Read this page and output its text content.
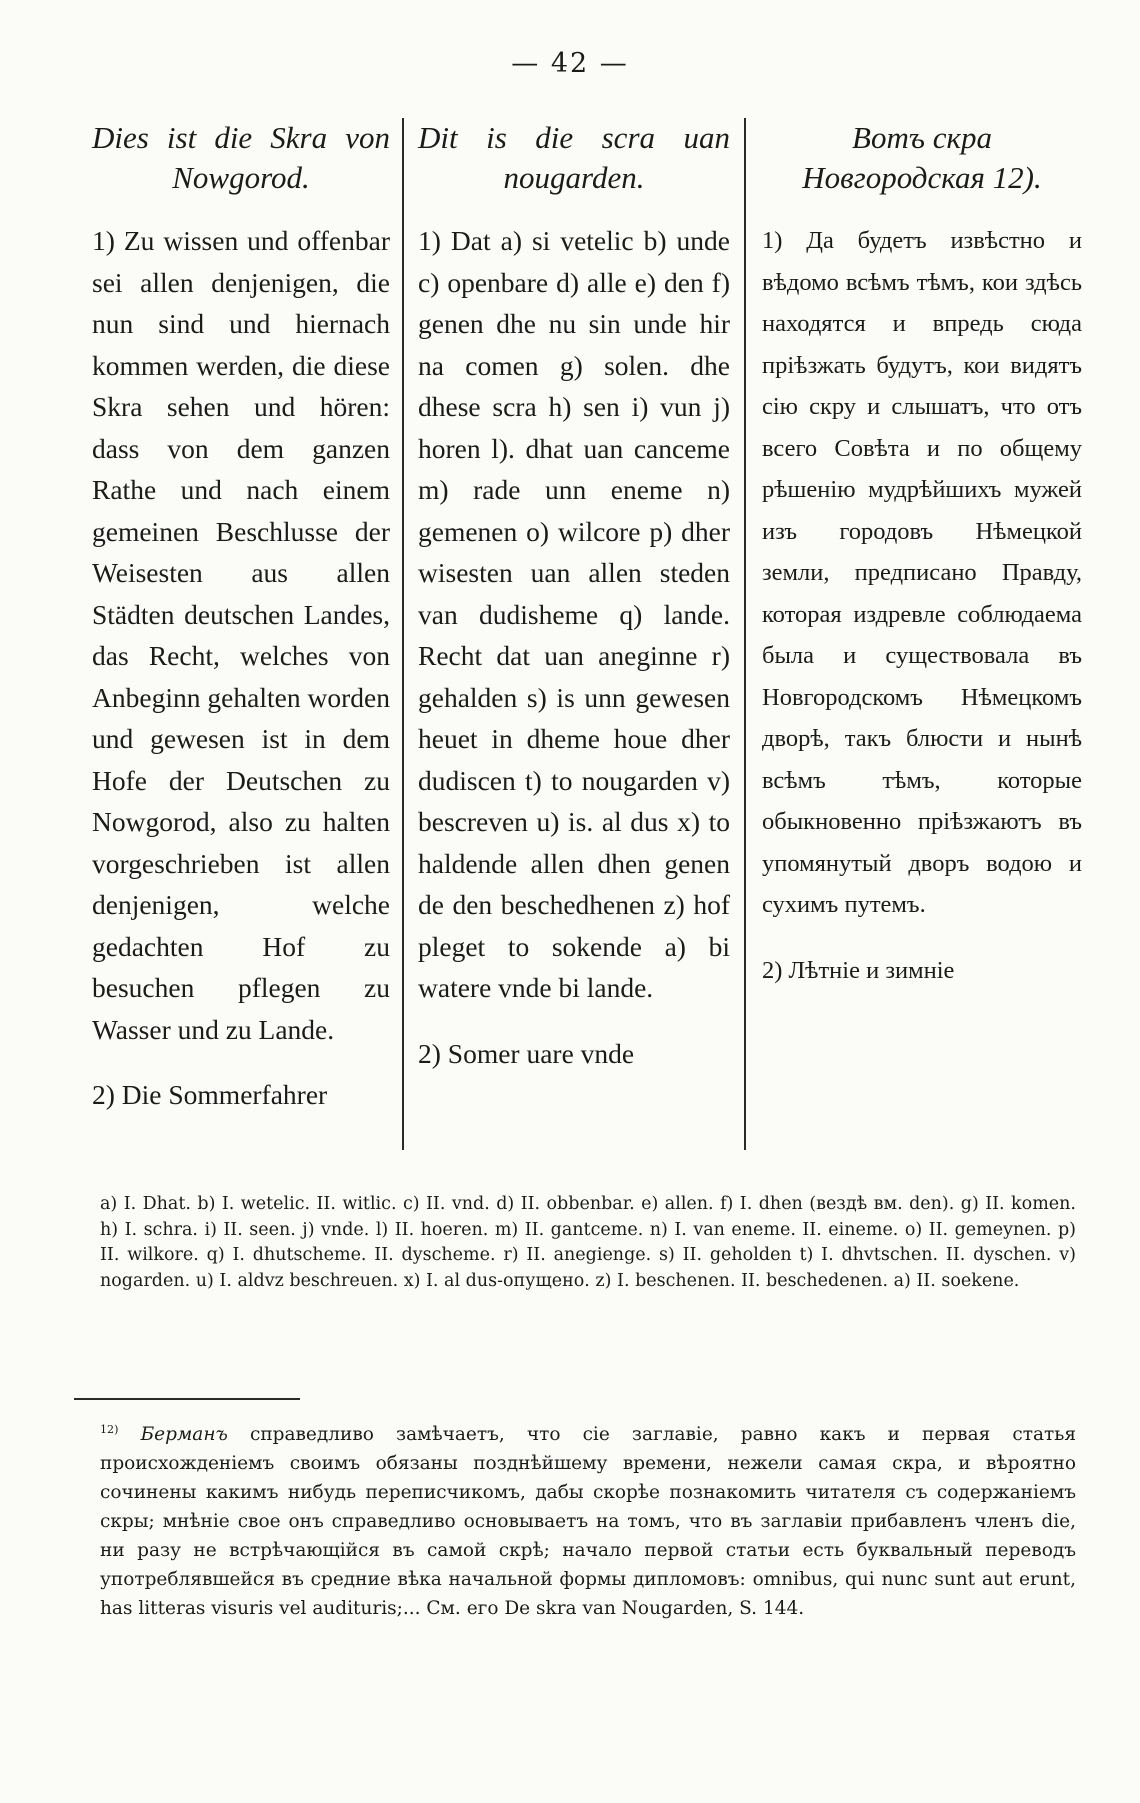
— 42 —

Dies ist die Skra von Nowgorod.

1) Zu wissen und offenbar sei allen denjenigen, die nun sind und hiernach kommen werden, die diese Skra sehen und hören: dass von dem ganzen Rathe und nach einem gemeinen Beschlusse der Weisesten aus allen Städten deutschen Landes, das Recht, welches von Anbeginn gehalten worden und gewesen ist in dem Hofe der Deutschen zu Nowgorod, also zu halten vorgeschrieben ist allen denjenigen, welche gedachten Hof zu besuchen pflegen zu Wasser und zu Lande.

2) Die Sommerfahrer

Dit is die scra uan nougarden.

1) Dat a) si vetelic b) unde c) openbare d) alle e) den f) genen dhe nu sin unde hir na comen g) solen. dhe dhese scra h) sen i) vun j) horen l). dhat uan canceme m) rade unn eneme n) gemenen o) wilcore p) dher wisesten uan allen steden van dudisheme q) lande. Recht dat uan aneginne r) gehalden s) is unn gewesen heuet in dheme houe dher dudiscen t) to nougarden v) bescreven u) is. al dus x) to haldende allen dhen genen de den beschedhenen z) hof pleget to sokende a) bi watere vnde bi lande.

2) Somer uare vnde

Вотъ скра Новгородская 12).

1) Да будетъ извѣстно и вѣдомо всѣмъ тѣмъ, кои здѣсь находятся и впредь сюда прiѣзжать будутъ, кои видятъ сiю скру и слышатъ, что отъ всего Совѣта и по общему рѣшенiю мудрѣйшихъ мужей изъ городовъ Нѣмецкой земли, предписано Правду, которая издревле соблюдаема была и существовала въ Новгородскомъ Нѣмецкомъ дворѣ, такъ блюсти и нынѣ всѣмъ тѣмъ, которые обыкновенно прiѣзжаютъ въ упомянутый дворъ водою и сухимъ путемъ.

2) Лѣтнiе и зимнiе

a) I. Dhat. b) I. wetelic. II. witlic. c) II. vnd. d) II. obbenbar. e) allen. f) I. dhen (вездѣ вм. den). g) II. komen. h) I. schra. i) II. seen. j) vnde. l) II. hoeren. m) II. gantceme. n) I. van eneme. II. eineme. o) II. gemeynen. p) II. wilkore. q) I. dhutscheme. II. dyscheme. r) II. anegienge. s) II. geholden t) I. dhvtschen. II. dyschen. v) nogarden. u) I. aldvz beschreuen. x) I. al dus-опущено. z) I. beschenen. II. beschedenen. a) II. soekene.
$^{12)}$ Берманъ справедливо замѣчаетъ, что сiе заглавiе, равно какъ и первая статья происхожденiемъ своимъ обязаны позднѣйшему времени, нежели самая скра, и вѣроятно сочинены какимъ нибудь переписчикомъ, дабы скорѣе познакомить читателя съ содержанiемъ скры; мнѣнiе свое онъ справедливо основываетъ на томъ, что въ заглавiи прибавленъ членъ die, ни разу не встрѣчающiйся въ самой скрѣ; начало первой статьи есть буквальный переводъ употреблявшейся въ средние вѣка начальной формы дипломовъ: omnibus, qui nunc sunt aut erunt, has litteras visuris vel audituris;... См. его De skra van Nougarden, S. 144.
